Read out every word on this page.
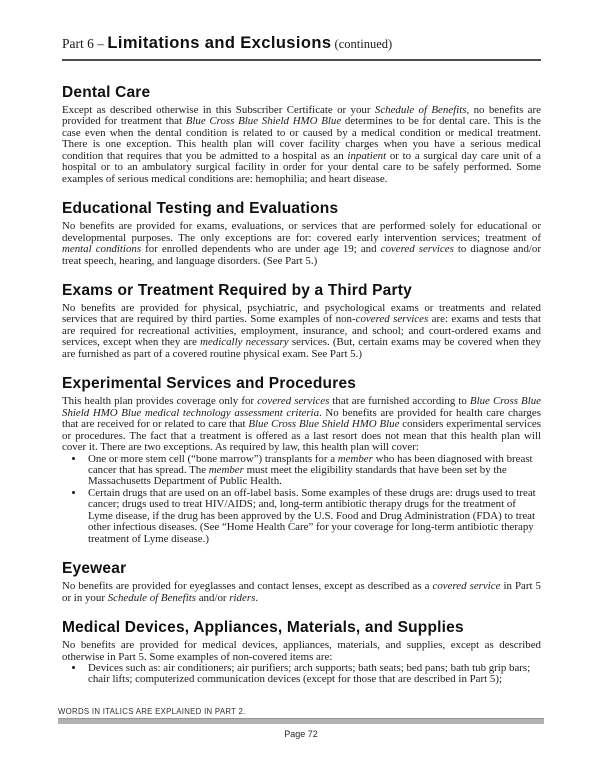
Part 6 – Limitations and Exclusions (continued)
Dental Care

Except as described otherwise in this Subscriber Certificate or your Schedule of Benefits, no benefits are provided for treatment that Blue Cross Blue Shield HMO Blue determines to be for dental care. This is the case even when the dental condition is related to or caused by a medical condition or medical treatment. There is one exception. This health plan will cover facility charges when you have a serious medical condition that requires that you be admitted to a hospital as an inpatient or to a surgical day care unit of a hospital or to an ambulatory surgical facility in order for your dental care to be safely performed. Some examples of serious medical conditions are: hemophilia; and heart disease.

Educational Testing and Evaluations

No benefits are provided for exams, evaluations, or services that are performed solely for educational or developmental purposes. The only exceptions are for: covered early intervention services; treatment of mental conditions for enrolled dependents who are under age 19; and covered services to diagnose and/or treat speech, hearing, and language disorders. (See Part 5.)

Exams or Treatment Required by a Third Party

No benefits are provided for physical, psychiatric, and psychological exams or treatments and related services that are required by third parties. Some examples of non-covered services are: exams and tests that are required for recreational activities, employment, insurance, and school; and court-ordered exams and services, except when they are medically necessary services. (But, certain exams may be covered when they are furnished as part of a covered routine physical exam. See Part 5.)

Experimental Services and Procedures

This health plan provides coverage only for covered services that are furnished according to Blue Cross Blue Shield HMO Blue medical technology assessment criteria. No benefits are provided for health care charges that are received for or related to care that Blue Cross Blue Shield HMO Blue considers experimental services or procedures. The fact that a treatment is offered as a last resort does not mean that this health plan will cover it. There are two exceptions. As required by law, this health plan will cover:

• One or more stem cell (“bone marrow”) transplants for a member who has been diagnosed with breast cancer that has spread. The member must meet the eligibility standards that have been set by the Massachusetts Department of Public Health.
• Certain drugs that are used on an off-label basis. Some examples of these drugs are: drugs used to treat cancer; drugs used to treat HIV/AIDS; and, long-term antibiotic therapy drugs for the treatment of Lyme disease, if the drug has been approved by the U.S. Food and Drug Administration (FDA) to treat other infectious diseases. (See “Home Health Care” for your coverage for long-term antibiotic therapy treatment of Lyme disease.)
Eyewear

No benefits are provided for eyeglasses and contact lenses, except as described as a covered service in Part 5 or in your Schedule of Benefits and/or riders.

Medical Devices, Appliances, Materials, and Supplies

No benefits are provided for medical devices, appliances, materials, and supplies, except as described otherwise in Part 5. Some examples of non-covered items are:

• Devices such as: air conditioners; air purifiers; arch supports; bath seats; bed pans; bath tub grip bars; chair lifts; computerized communication devices (except for those that are described in Part 5);
WORDS IN ITALICS ARE EXPLAINED IN PART 2.
Page 72
